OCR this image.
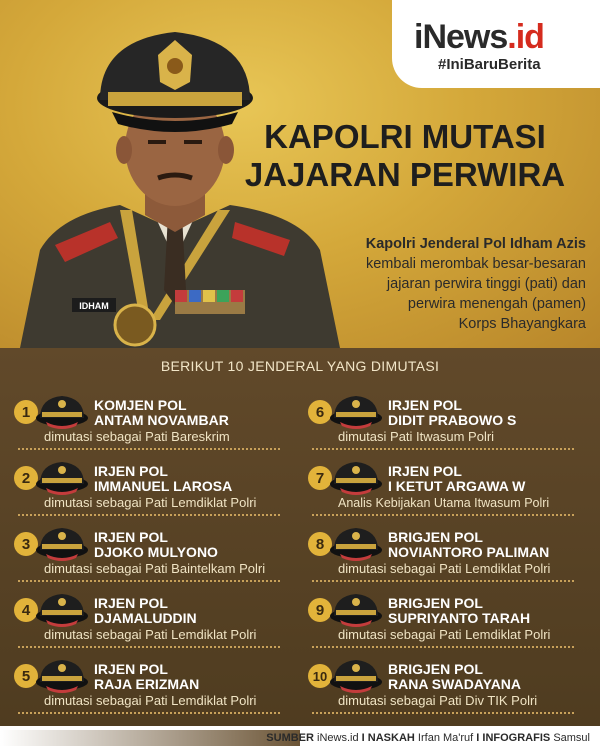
IDHAM
iNews.id
#IniBaruBerita
KAPOLRI MUTASI
JAJARAN PERWIRA
Kapolri Jenderal Pol Idham Azis
kembali merombak besar-besaran
jajaran perwira tinggi (pati) dan
perwira menengah (pamen)
Korps Bhayangkara
BERIKUT 10 JENDERAL YANG DIMUTASI
1	KOMJEN POL
ANTAM NOVAMBAR
dimutasi sebagai Pati Bareskrim
2	IRJEN POL
IMMANUEL LAROSA
dimutasi sebagai Pati Lemdiklat Polri
3	IRJEN POL
DJOKO MULYONO
dimutasi sebagai Pati Baintelkam Polri
4	IRJEN POL
DJAMALUDDIN
dimutasi sebagai Pati Lemdiklat Polri
5	IRJEN POL
RAJA ERIZMAN
dimutasi sebagai Pati Lemdiklat Polri
6	IRJEN POL
DIDIT PRABOWO S
dimutasi Pati Itwasum Polri
7	IRJEN POL
I KETUT ARGAWA W
Analis Kebijakan Utama Itwasum Polri
8	BRIGJEN POL
NOVIANTORO PALIMAN
dimutasi sebagai Pati Lemdiklat Polri
9	BRIGJEN POL
SUPRIYANTO TARAH
dimutasi sebagai Pati Lemdiklat Polri
10	BRIGJEN POL
RANA SWADAYANA
dimutasi sebagai Pati Div TIK Polri
SUMBER iNews.id I NASKAH Irfan Ma'ruf I INFOGRAFIS Samsul
